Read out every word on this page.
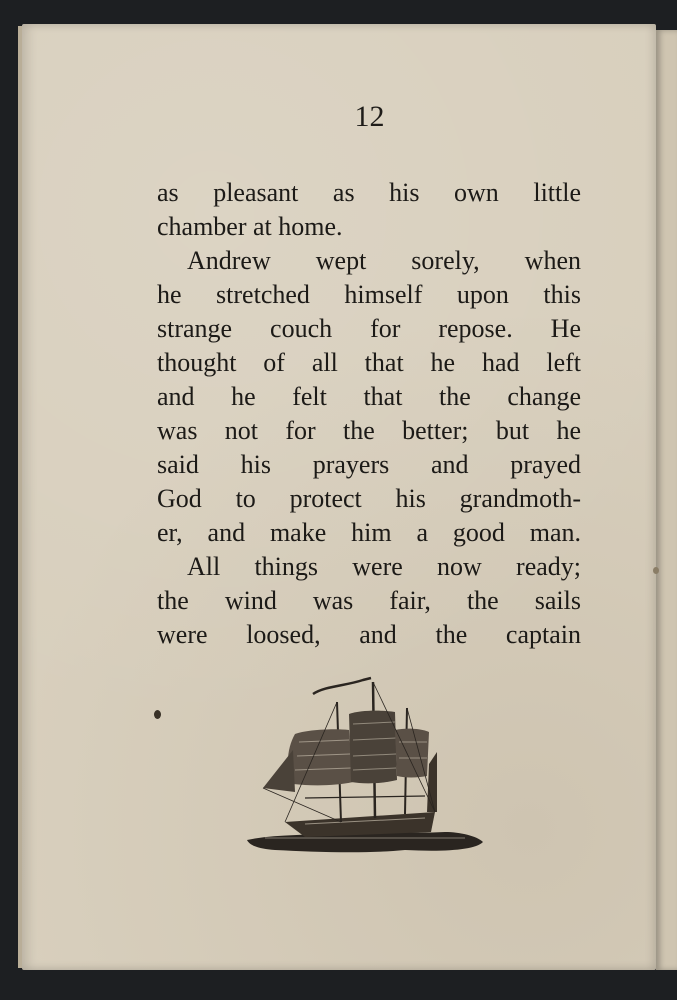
12
as pleasant as his own little
chamber at home.
Andrew wept sorely, when
he stretched himself upon this
strange couch for repose. He
thought of all that he had left
and he felt that the change
was not for the better; but he
said his prayers and prayed
God to protect his grandmoth-
er, and make him a good man.
All things were now ready;
the wind was fair, the sails
were loosed, and the captain
